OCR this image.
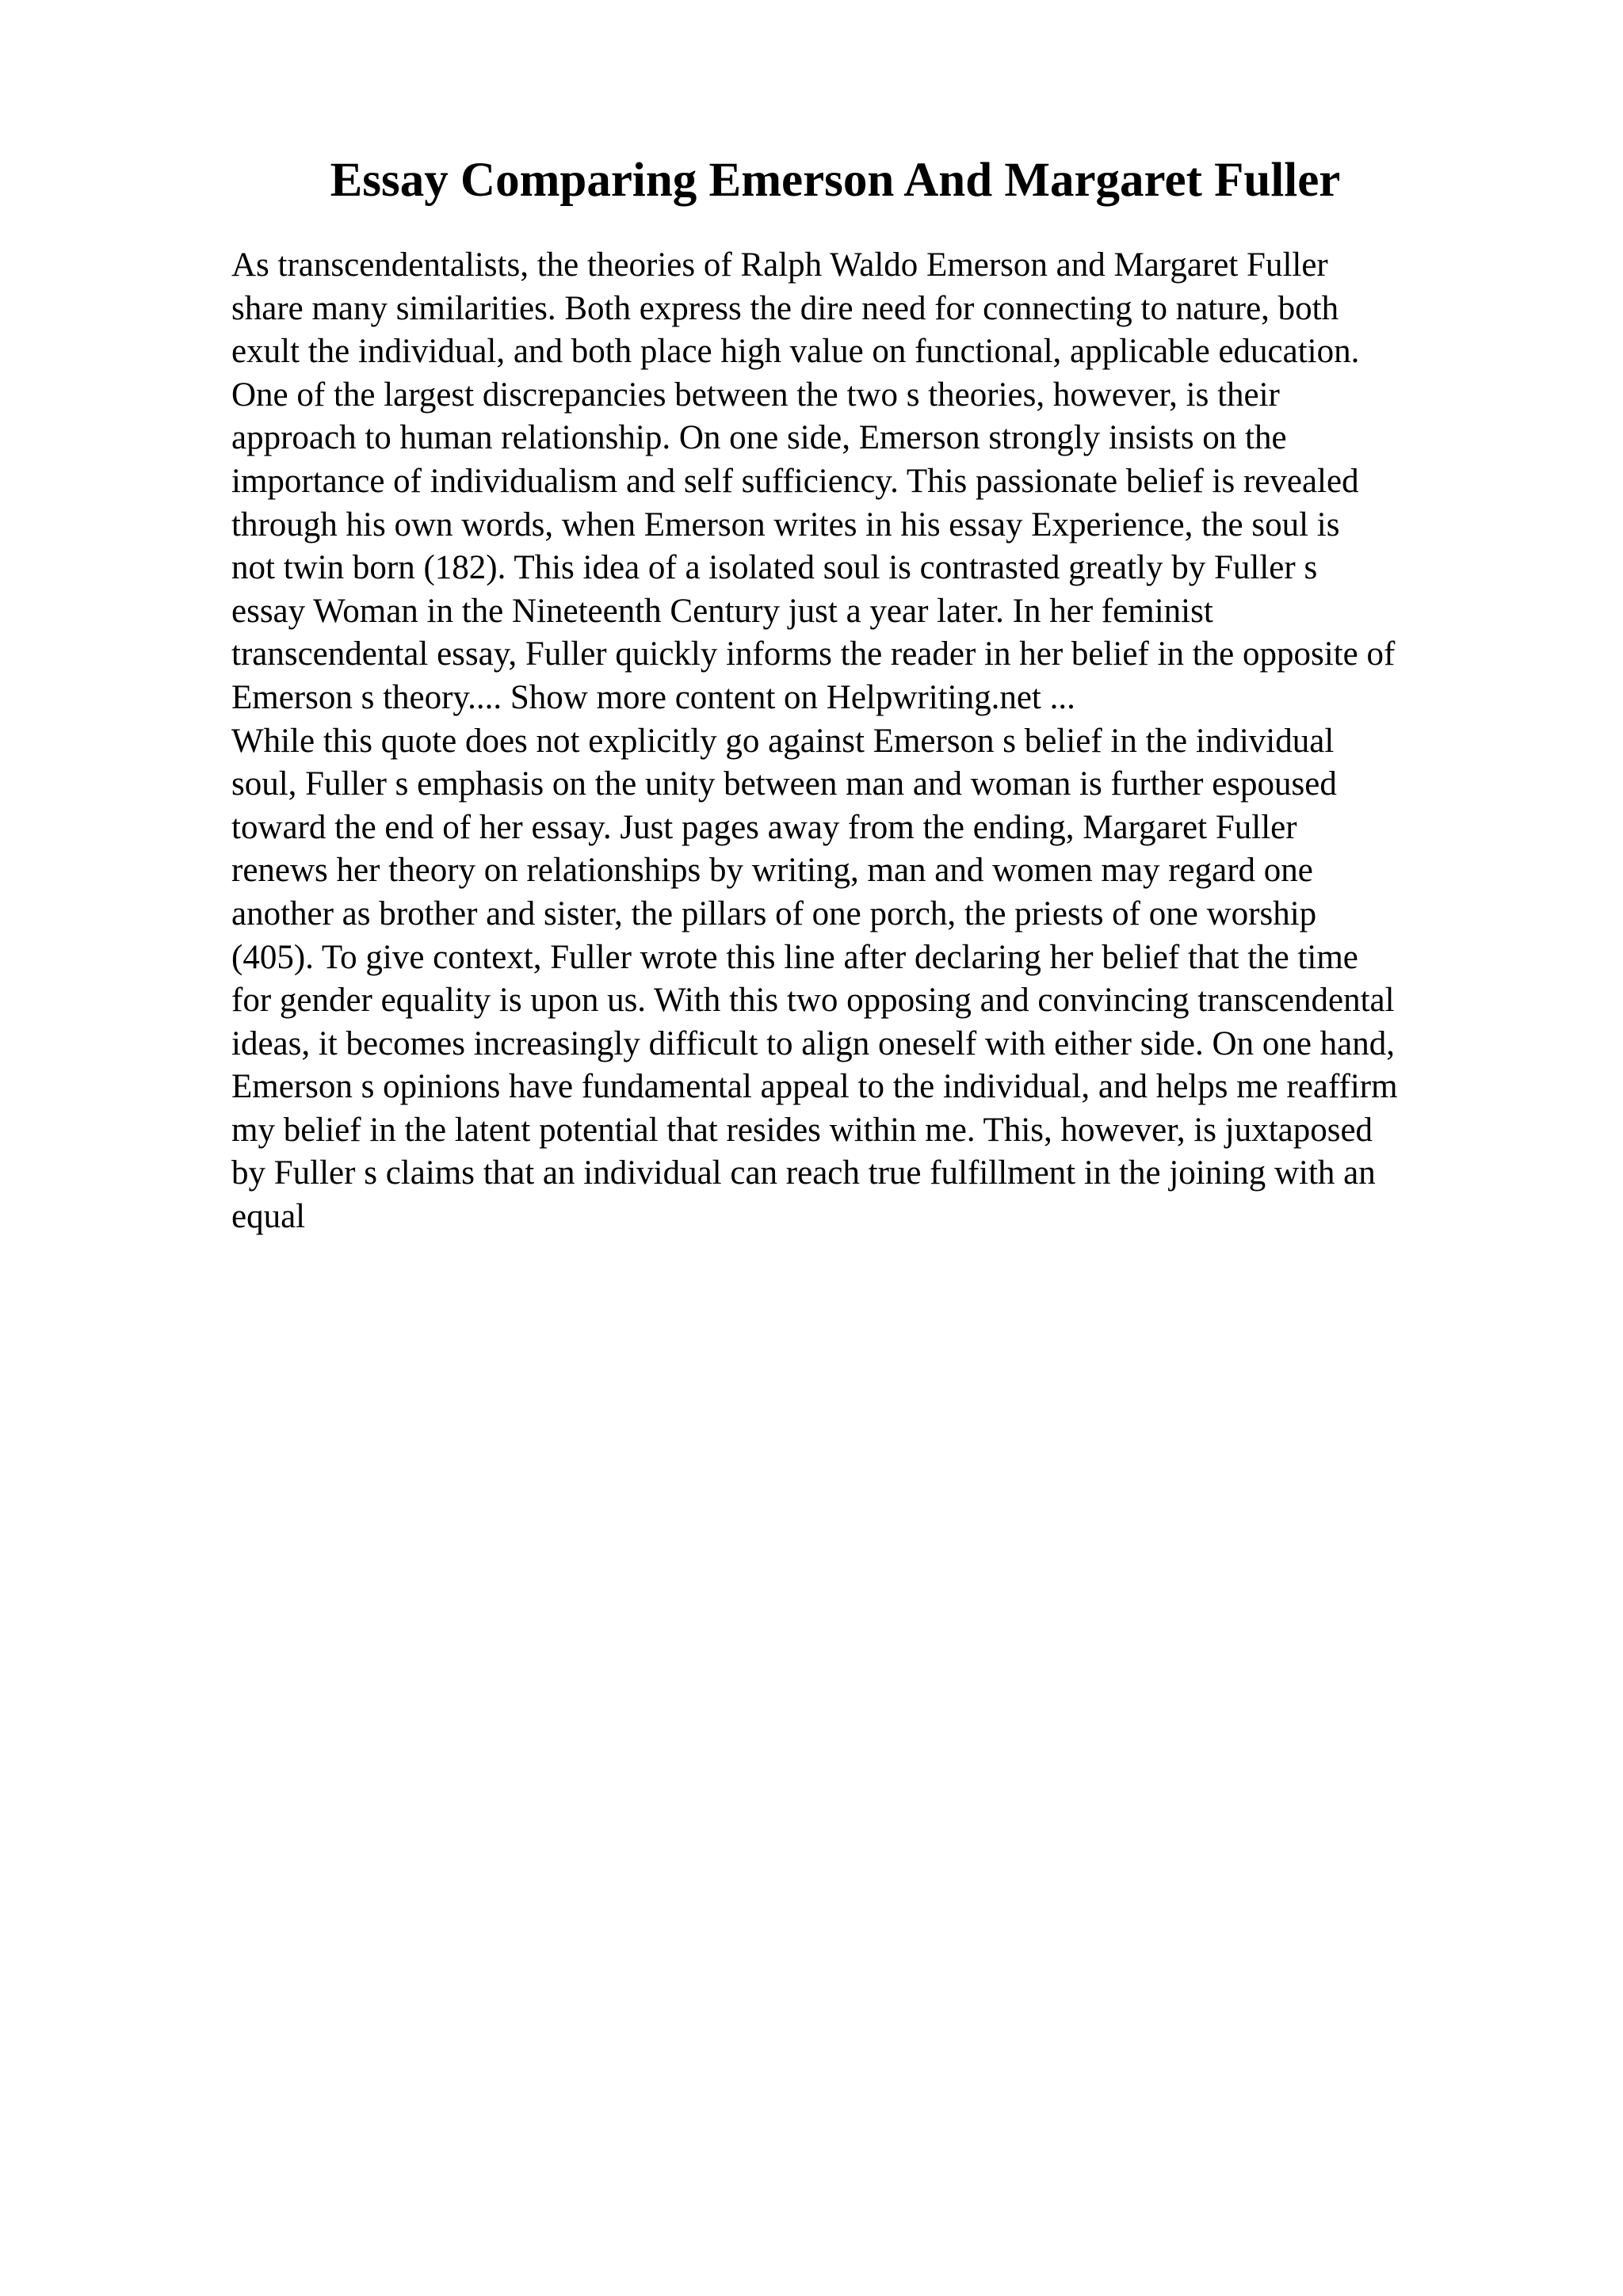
Essay Comparing Emerson And Margaret Fuller
As transcendentalists, the theories of Ralph Waldo Emerson and Margaret Fuller
share many similarities. Both express the dire need for connecting to nature, both
exult the individual, and both place high value on functional, applicable education.
One of the largest discrepancies between the two s theories, however, is their
approach to human relationship. On one side, Emerson strongly insists on the
importance of individualism and self sufficiency. This passionate belief is revealed
through his own words, when Emerson writes in his essay Experience, the soul is
not twin born (182). This idea of a isolated soul is contrasted greatly by Fuller s
essay Woman in the Nineteenth Century just a year later. In her feminist
transcendental essay, Fuller quickly informs the reader in her belief in the opposite of
Emerson s theory.... Show more content on Helpwriting.net ...
While this quote does not explicitly go against Emerson s belief in the individual
soul, Fuller s emphasis on the unity between man and woman is further espoused
toward the end of her essay. Just pages away from the ending, Margaret Fuller
renews her theory on relationships by writing, man and women may regard one
another as brother and sister, the pillars of one porch, the priests of one worship
(405). To give context, Fuller wrote this line after declaring her belief that the time
for gender equality is upon us. With this two opposing and convincing transcendental
ideas, it becomes increasingly difficult to align oneself with either side. On one hand,
Emerson s opinions have fundamental appeal to the individual, and helps me reaffirm
my belief in the latent potential that resides within me. This, however, is juxtaposed
by Fuller s claims that an individual can reach true fulfillment in the joining with an
equal
